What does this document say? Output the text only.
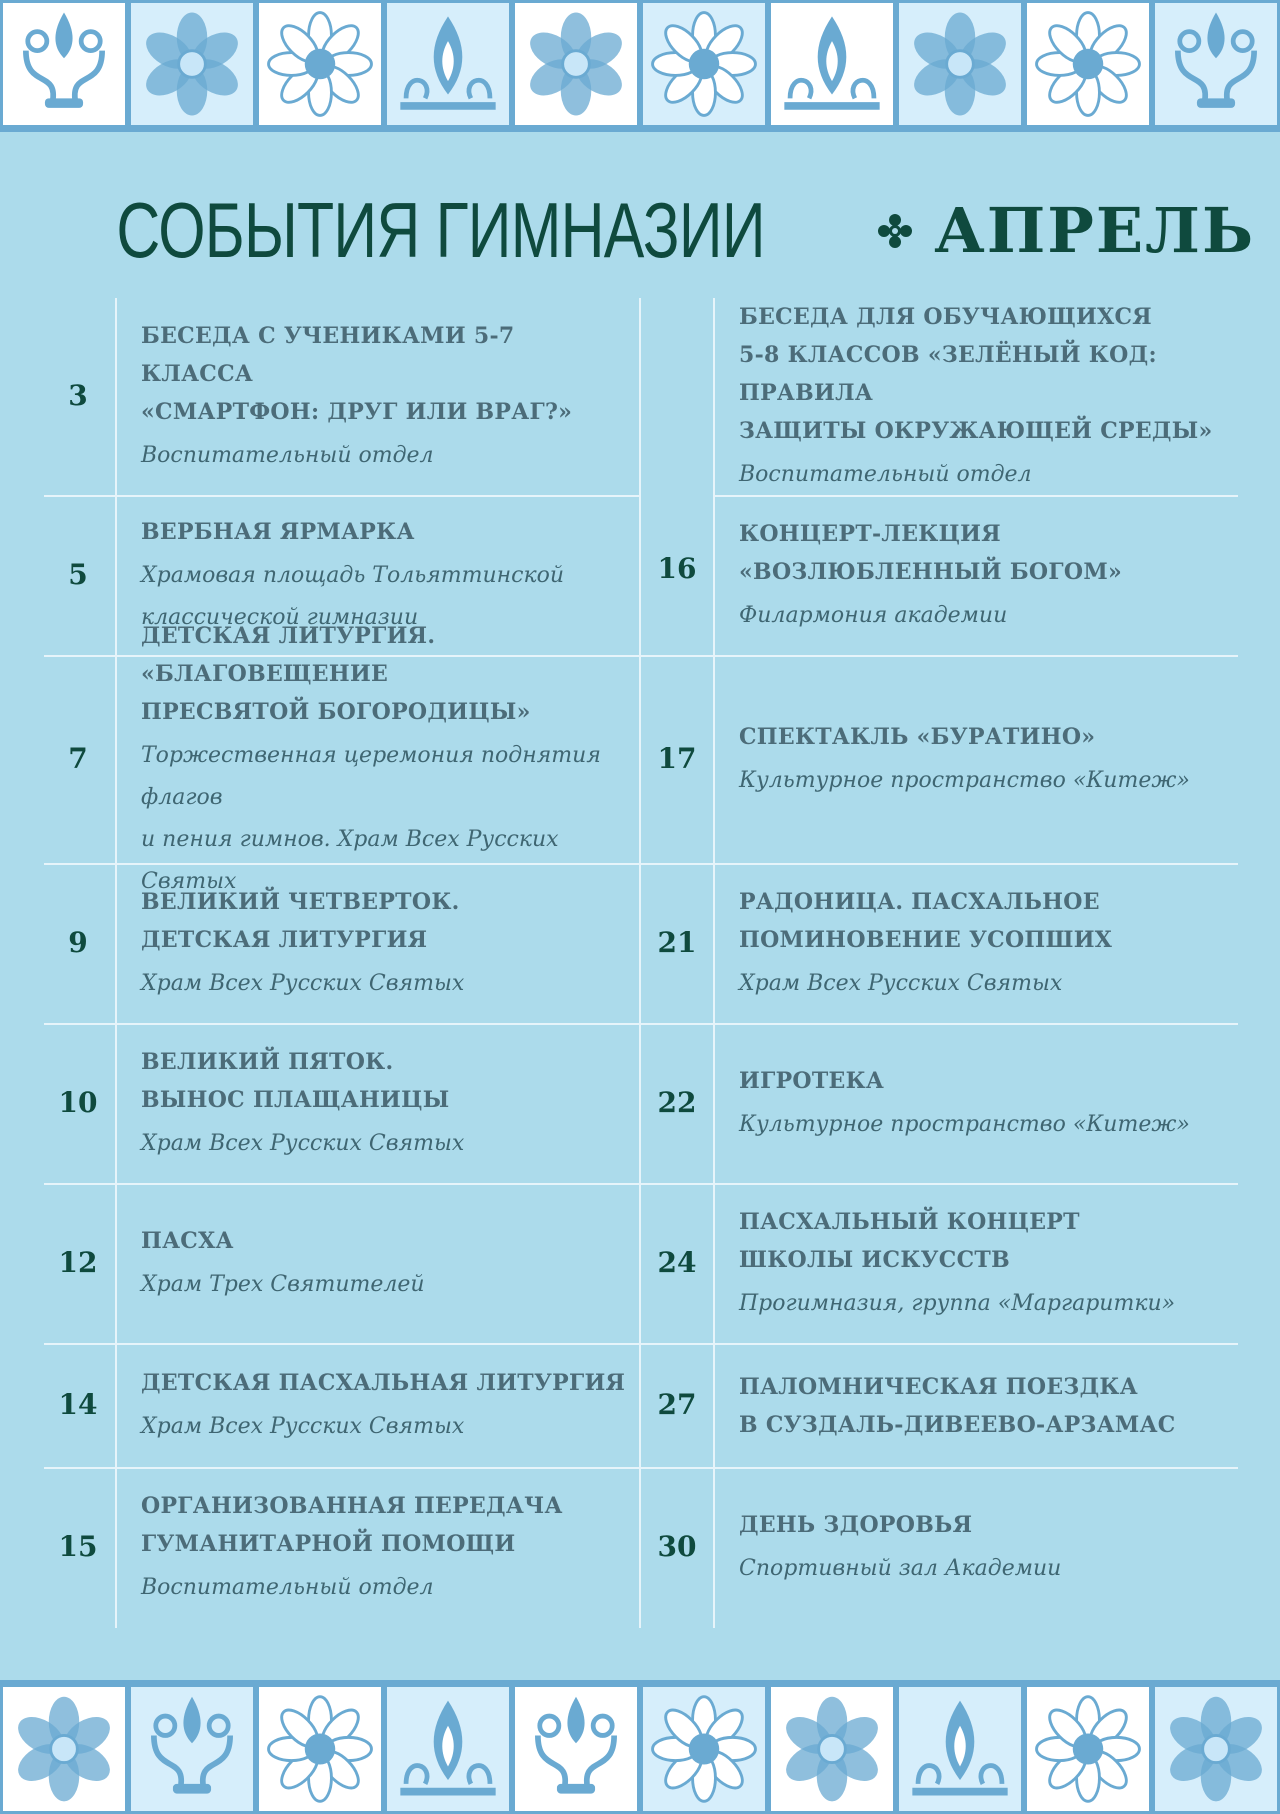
СОБЫТИЯ ГИМНАЗИИ	АПРЕЛЬ
БЕСЕДА С УЧЕНИКАМИ 5-7 КЛАССА
«СМАРТФОН: ДРУГ ИЛИ ВРАГ?»
Воспитательный отдел
3
ВЕРБНАЯ ЯРМАРКА
Храмовая площадь Тольяттинской
классической гимназии
5
ДЕТСКАЯ ЛИТУРГИЯ. «БЛАГОВЕЩЕНИЕ
ПРЕСВЯТОЙ БОГОРОДИЦЫ»
Торжественная церемония поднятия флагов
и пения гимнов. Храм Всех Русских Святых
7
ВЕЛИКИЙ ЧЕТВЕРТОК.
ДЕТСКАЯ ЛИТУРГИЯ
Храм Всех Русских Святых
9
ВЕЛИКИЙ ПЯТОК.
ВЫНОС ПЛАЩАНИЦЫ
Храм Всех Русских Святых
10
ПАСХА
Храм Трех Святителей
12
ДЕТСКАЯ ПАСХАЛЬНАЯ ЛИТУРГИЯ
Храм Всех Русских Святых
14
ОРГАНИЗОВАННАЯ ПЕРЕДАЧА
ГУМАНИТАРНОЙ ПОМОЩИ
Воспитательный отдел
15
БЕСЕДА ДЛЯ ОБУЧАЮЩИХСЯ
5-8 КЛАССОВ «ЗЕЛЁНЫЙ КОД: ПРАВИЛА
ЗАЩИТЫ ОКРУЖАЮЩЕЙ СРЕДЫ»
Воспитательный отдел
16
КОНЦЕРТ-ЛЕКЦИЯ
«ВОЗЛЮБЛЕННЫЙ БОГОМ»
Филармония академии
СПЕКТАКЛЬ «БУРАТИНО»
Культурное пространство «Китеж»
17
РАДОНИЦА. ПАСХАЛЬНОЕ
ПОМИНОВЕНИЕ УСОПШИХ
Храм Всех Русских Святых
21
ИГРОТЕКА
Культурное пространство «Китеж»
22
ПАСХАЛЬНЫЙ КОНЦЕРТ
ШКОЛЫ ИСКУССТВ
Прогимназия, группа «Маргаритки»
24
ПАЛОМНИЧЕСКАЯ ПОЕЗДКА
В СУЗДАЛЬ-ДИВЕЕВО-АРЗАМАС
27
ДЕНЬ ЗДОРОВЬЯ
Спортивный зал Академии
30
